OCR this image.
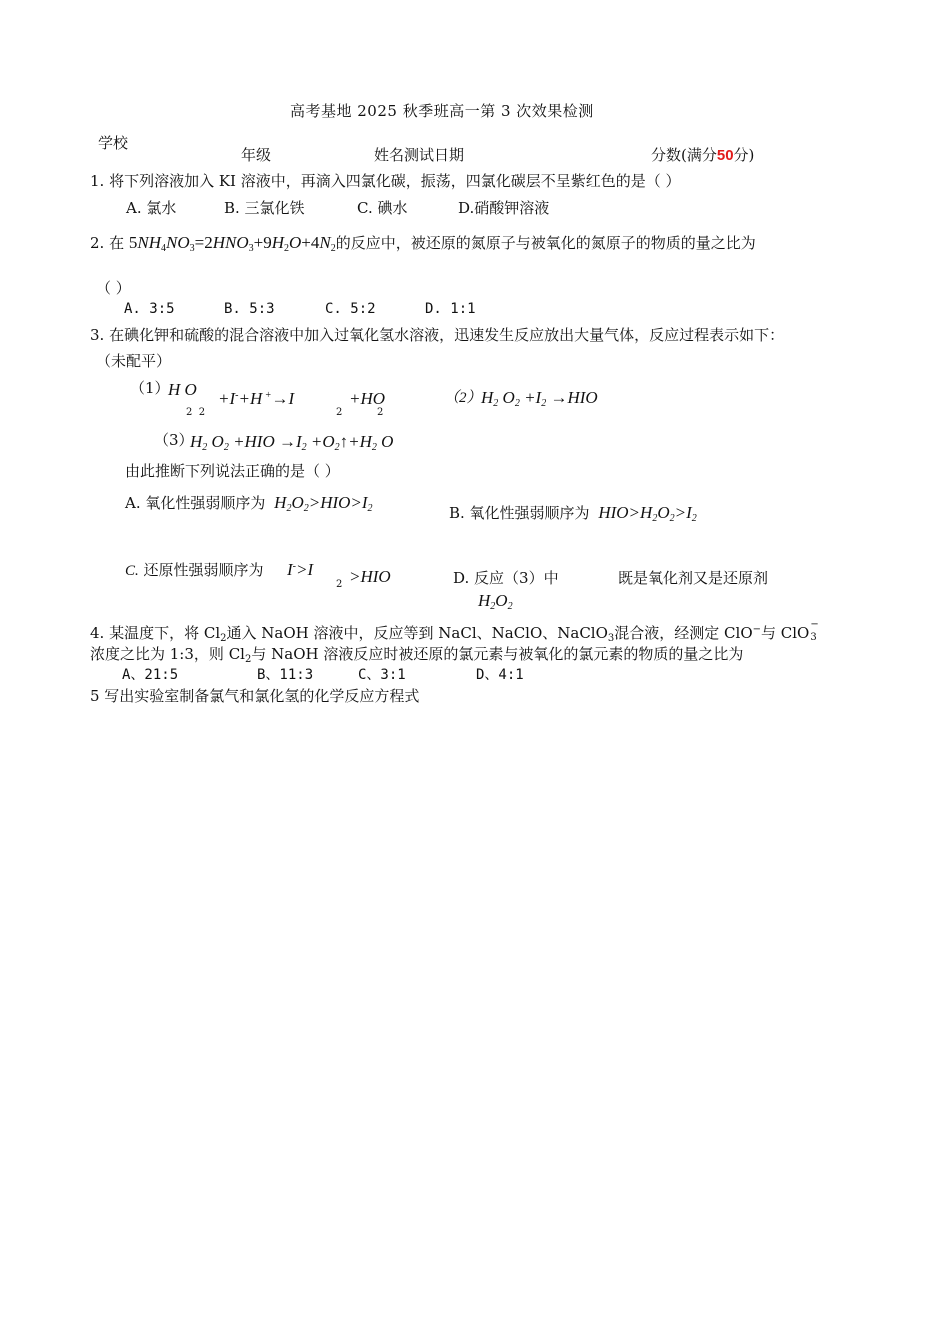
高考基地 2025 秋季班高一第 3 次效果检测
学校
年级	姓名测试日期	分数(满分50分)
1. 将下列溶液加入 KI 溶液中，再滴入四氯化碳，振荡，四氯化碳层不呈紫红色的是（ ）
A. 氯水	B. 三氯化铁	C. 碘水	D.硝酸钾溶液
2. 在 $5NH_4NO_3=2HNO_3+9H_2O+4N_2$的反应中，被还原的氮原子与被氧化的氮原子的物质的量之比为
（ ）
A. 3:5	B. 5:3	C. 5:2	D. 1:1
3. 在碘化钾和硫酸的混合溶液中加入过氧化氢水溶液，迅速发生反应放出大量气体，反应过程表示如下：
（未配平）
（1）
H O
2  2
+I-+H +→I
2
+HO
2
（2） $H_2$ $O_2 +I_2 \to HIO$
（3）
$H_2$ $O_2 +HIO \to I_2$ $+O_2↑+H_2$ O
由此推断下列说法正确的是（ ）
A. 氧化性强弱顺序为 $H_2O_2>HIO>I_2$	B. 氧化性强弱顺序为 $HIO>H_2O_2>I_2$
C. 还原性强弱顺序为 I->I
2 >HIO	D. 反应（3）中	既是氧化剂又是还原剂
$H_2O_2$
4. 某温度下，将 $Cl_2$通入 NaOH 溶液中，反应等到 NaCl、NaClO、NaClO$_3$混合液，经测定 ClO−与 ClO −
3
浓度之比为 1:3，则 $Cl_2$与 NaOH 溶液反应时被还原的氯元素与被氧化的氯元素的物质的量之比为
A、21:5	B、11:3	C、3:1	D、4:1
5 写出实验室制备氯气和氯化氢的化学反应方程式
